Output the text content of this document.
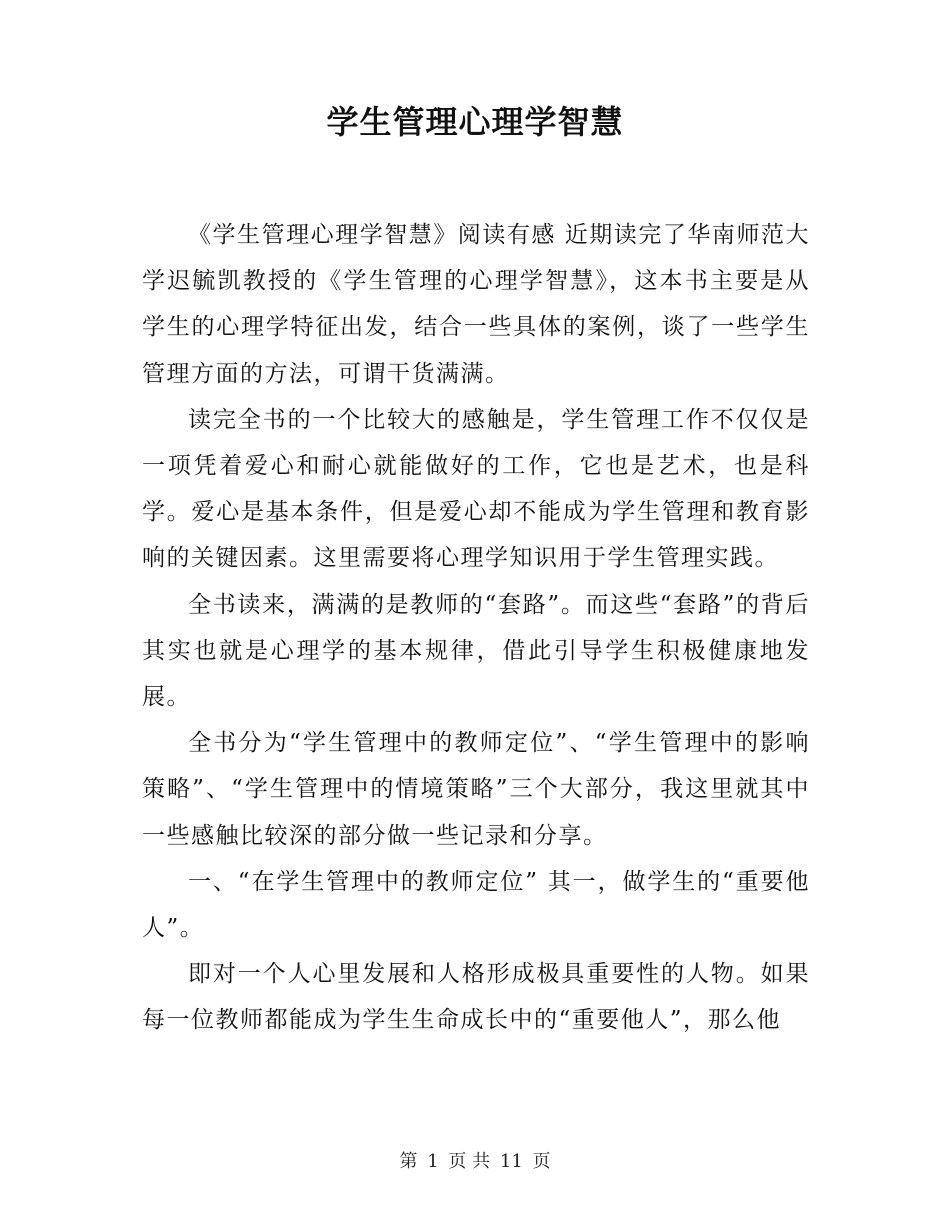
学生管理心理学智慧

《学生管理心理学智慧》阅读有感 近期读完了华南师范大学迟毓凯教授的《学生管理的心理学智慧》，这本书主要是从学生的心理学特征出发，结合一些具体的案例，谈了一些学生管理方面的方法，可谓干货满满。

读完全书的一个比较大的感触是，学生管理工作不仅仅是一项凭着爱心和耐心就能做好的工作，它也是艺术，也是科学。爱心是基本条件，但是爱心却不能成为学生管理和教育影响的关键因素。这里需要将心理学知识用于学生管理实践。

全书读来，满满的是教师的“套路”。而这些“套路”的背后其实也就是心理学的基本规律，借此引导学生积极健康地发展。

全书分为“学生管理中的教师定位”、“学生管理中的影响策略”、“学生管理中的情境策略”三个大部分，我这里就其中一些感触比较深的部分做一些记录和分享。

一、“在学生管理中的教师定位” 其一，做学生的“重要他人”。

即对一个人心里发展和人格形成极具重要性的人物。如果每一位教师都能成为学生生命成长中的“重要他人”，那么他

第 1 页 共 11 页
